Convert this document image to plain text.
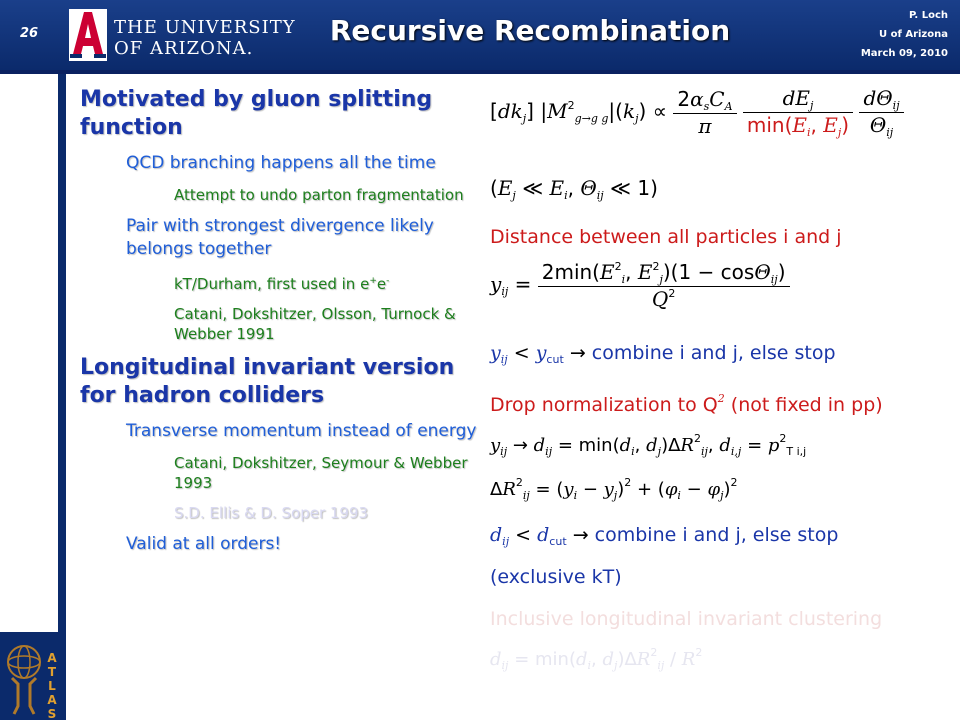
26	THE UNIVERSITY
OF ARIZONA.
Recursive Recombination	P. Loch
U of Arizona
March 09, 2010
A
T
L
A
S
Motivated by gluon splitting function
QCD branching happens all the time
Attempt to undo parton fragmentation
Pair with strongest divergence likely belongs together
kT/Durham, first used in e+e-
Catani, Dokshitzer, Olsson, Turnock & Webber 1991
Longitudinal invariant version for hadron colliders
Transverse momentum instead of energy
Catani, Dokshitzer, Seymour & Webber 1993
S.D. Ellis & D. Soper 1993
Valid at all orders!
$[dk_j] |M^2_{g\to g g}|(k_j) \propto \frac{2\alpha_sC_A}{\pi}$
$\frac{dE_j}{\min(E_i, E_j)}$
$\frac{d\Theta_{ij}}{\Theta_{ij}}$
($E_j$ ≪ $E_i$, $\Theta_{ij}$ ≪ 1)
Distance between all particles i and j
$y_{ij} = \frac{2\min(E^2_i, E^2_j)(1 - \cos\Theta_{ij})}{Q^2}$
$y_{ij} < y_{cut}$ → combine i and j, else stop
Drop normalization to $Q^2$ (not fixed in pp)
$y_{ij} \to d_{ij} = \min(d_i$, $d_j)\Delta R^2_{ij}$, $d_{i,j} = p^2_{T i,j}$
$\Delta R^2_{ij} = (y_i - y_j)^2 + (\varphi_i - \varphi_j)^2$
$d_{ij} < d_{cut}$ → combine i and j, else stop
(exclusive kT)
Inclusive longitudinal invariant clustering
$d_{ij} = \min(d_i$, $d_j)\Delta R^2_{ij} / R^2$
